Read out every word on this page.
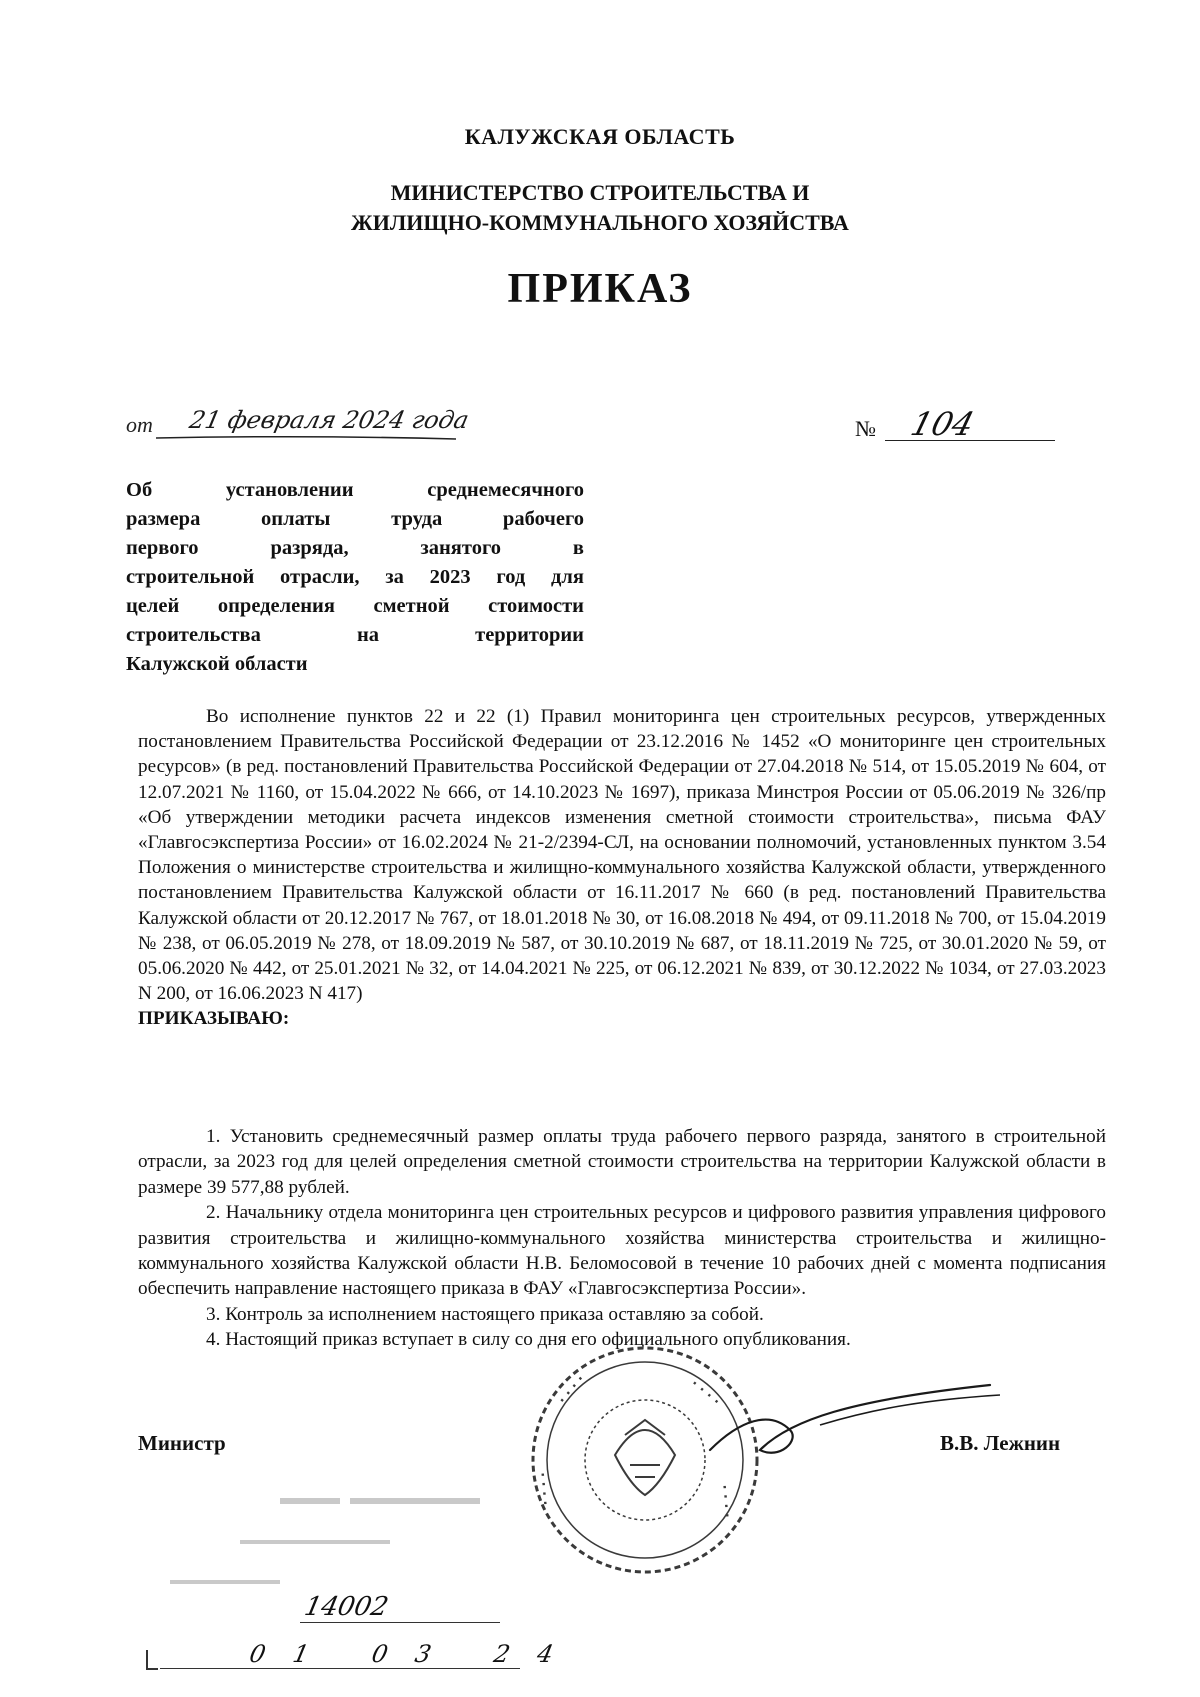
КАЛУЖСКАЯ ОБЛАСТЬ
МИНИСТЕРСТВО СТРОИТЕЛЬСТВА И
ЖИЛИЩНО-КОММУНАЛЬНОГО ХОЗЯЙСТВА
ПРИКАЗ
от 21 февраля 2024 года	№ 104
Об установлении среднемесячного
размера оплаты труда рабочего
первого разряда, занятого в
строительной отрасли, за 2023 год для
целей определения сметной стоимости
строительства на территории
Калужской области

Во исполнение пунктов 22 и 22 (1) Правил мониторинга цен строительных ресурсов, утвержденных постановлением Правительства Российской Федерации от 23.12.2016 № 1452 «О мониторинге цен строительных ресурсов» (в ред. постановлений Правительства Российской Федерации от 27.04.2018 № 514, от 15.05.2019 № 604, от 12.07.2021 № 1160, от 15.04.2022 № 666, от 14.10.2023 № 1697), приказа Минстроя России от 05.06.2019 № 326/пр «Об утверждении методики расчета индексов изменения сметной стоимости строительства», письма ФАУ «Главгосэкспертиза России» от 16.02.2024 № 21-2/2394-СЛ, на основании полномочий, установленных пунктом 3.54 Положения о министерстве строительства и жилищно-коммунального хозяйства Калужской области, утвержденного постановлением Правительства Калужской области от 16.11.2017 № 660 (в ред. постановлений Правительства Калужской области от 20.12.2017 № 767, от 18.01.2018 № 30, от 16.08.2018 № 494, от 09.11.2018 № 700, от 15.04.2019 № 238, от 06.05.2019 № 278, от 18.09.2019 № 587, от 30.10.2019 № 687, от 18.11.2019 № 725, от 30.01.2020 № 59, от 05.06.2020 № 442, от 25.01.2021 № 32, от 14.04.2021 № 225, от 06.12.2021 № 839, от 30.12.2022 № 1034, от 27.03.2023 N 200, от 16.06.2023 N 417)

ПРИКАЗЫВАЮ:

1. Установить среднемесячный размер оплаты труда рабочего первого разряда, занятого в строительной отрасли, за 2023 год для целей определения сметной стоимости строительства на территории Калужской области в размере 39 577,88 рублей.

2. Начальнику отдела мониторинга цен строительных ресурсов и цифрового развития управления цифрового развития строительства и жилищно-коммунального хозяйства министерства строительства и жилищно-коммунального хозяйства Калужской области Н.В. Беломосовой в течение 10 рабочих дней с момента подписания обеспечить направление настоящего приказа в ФАУ «Главгосэкспертиза России».

3. Контроль за исполнением настоящего приказа оставляю за собой.

4. Настоящий приказ вступает в силу со дня его официального опубликования.

· · · ·	· · · ·
· · · ·
· · · ·
Министр	В.В. Лежнин
14002
01 03 24
